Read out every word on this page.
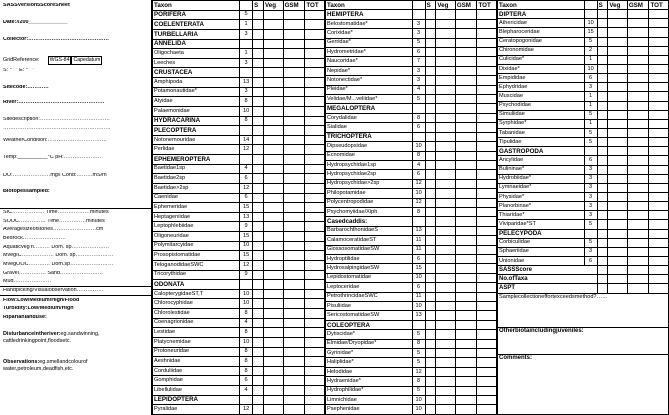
SASSVersion5ScoreSheet
Date://200_____________
Collector:………………………………………
GridReference:	WGS-84 Capedatum
S: ° ' " E: ° ' "
Sitecode:…………
River:…………………………………………
Sitedescription:…………………………………
……………………………………………………
WeatherCondition:……………………………
Temp:__________°C pH:…………………
DO:…………………mg/l Cond:………mS/m
Biotopessampled:
SIC……………… Time………………minutes
SOOC…………… Time……………minutes
Averagesizeofstones……………………cm
Bedrock……………………
Aquaticveg'n……… Dom. sp…………………
MvegIC……………… Dom. sp…………………
MvegOOC………… Dom.sp……………………
Gravel…………… Sand……………………
Mud…………………
Handpicking/Visualobservation……………
Flow:Low/Medium/High/Flood
Turbidity:Low/Medium/High
Riparianlanduse:
Disturbanceintheriver:eg.sandwinning, cattledrinkingpoint,floodsetc.
Observations:eg.smellandcolourof water,petroleum,deadfish,etc.
Taxon		S	Veg	GSM	TOT
PORIFERA	5				
COELENTERATA	1				
TURBELLARIA	3				
ANNELIDA					
Oligochaeta	1				
Leeches	3				
CRUSTACEA					
Amphipoda	13				
Potamonautidae*	3				
Atyidae	8				
Palaemonidae	10				
HYDRACARINA	8				
PLECOPTERA					
Notonemouridae	14				
Perlidae	12				
EPHEMEROPTERA					
Baetidae1sp	4				
Baetidae2sp	6				
Baetidae>2sp	12				
Caenidae	6				
Ephemeridae	15				
Heptageniidae	13				
Leptophlebiidae	9				
Oligoneuridae	15				
Polymitarcyidae	10				
Prosopistomatidae	15				
TeloganodidaeSWC	12				
Tricorythidae	9				
ODONATA					
CalopterygidaeST,T	10				
Chlorocyphidae	10				
Chlorolestidae	8				
Coenagrionidae	4				
Lestidae	8				
Platycnemidae	10				
Protoneuridae	8				
Aeshnidae	8				
Corduliidae	8				
Gomphidae	6				
Libellulidae	4				
LEPIDOPTERA					
Pyralidae	12				
Taxon		S	Veg	GSM	TOT
HEMIPTERA					
Belostomatidae*	3				
Corixidae*	3				
Gerridae*	5				
Hydrometridae*	6				
Naucoridae*	7				
Nepidae*	3				
Notonectidae*	3				
Pleidae*	4				
Velidae/M...veliidae*	5				
MEGALOPTERA					
Corydalidae	8				
Sialidae	6				
TRICHOPTERA					
Dipseudopsidae	10				
Ecnomidae	8				
Hydropsychidae1sp	4				
Hydropsychidae2sp	6				
Hydropsychidae>2sp	12				
Philopotamidae	10				
Polycentropodidae	12				
Psychomyiidae/Xiph	8				
Casedcaddis:					
BarbarochthonidaeS	13				
CalamoceratidaeST	11				
GlossosomatidaeSW	11				
Hydroptilidae	6				
HydrosalpingidaeSW	15				
Lepidostomatidae	10				
Leptoceridae	6				
PetrothrincidaeSWC	11				
Pisuliidae	10				
SericostomatidaeSW	13				
COLEOPTERA					
Dytiscidae*	5				
Elmidae/Dryopidae*	8				
Gyrinidae*	5				
Haliplidae*	5				
Helodidae	12				
Hydraenidae*	8				
Hydrophilidae*	5				
Limnichidae	10				
Psephenidae	10				
Taxon		S	Veg	GSM	TOT
DIPTERA					
Athericidae	10				
Blepharoceridae	15				
Ceratopogonidae	5				
Chironomidae	2				
Culicidae*	1				
Dixidae*	10				
Empididae	6				
Ephydridae	3				
Muscidae	1				
Psychodidae	1				
Simuliidae	5				
Syrphidae*	1				
Tabanidae	5				
Tipulidae	5				
GASTROPODA					
Ancylidae	6				
Bulininae*	3				
Hydrobiidae*	3				
Lymnaeidae*	3				
Physidae*	3				
Planorbinae*	3				
Thiaridae*	3				
Viviparidae*ST	5				
PELECYPODA					
Corbiculidae	5				
Sphaeriidae	3				
Unionidae	6				
SASSScore					
No.ofTaxa					
ASPT					
Samplecollectioneffortexceedsmethod?……					
Otherbiotaincludingjuveniles:					
Comments:					
